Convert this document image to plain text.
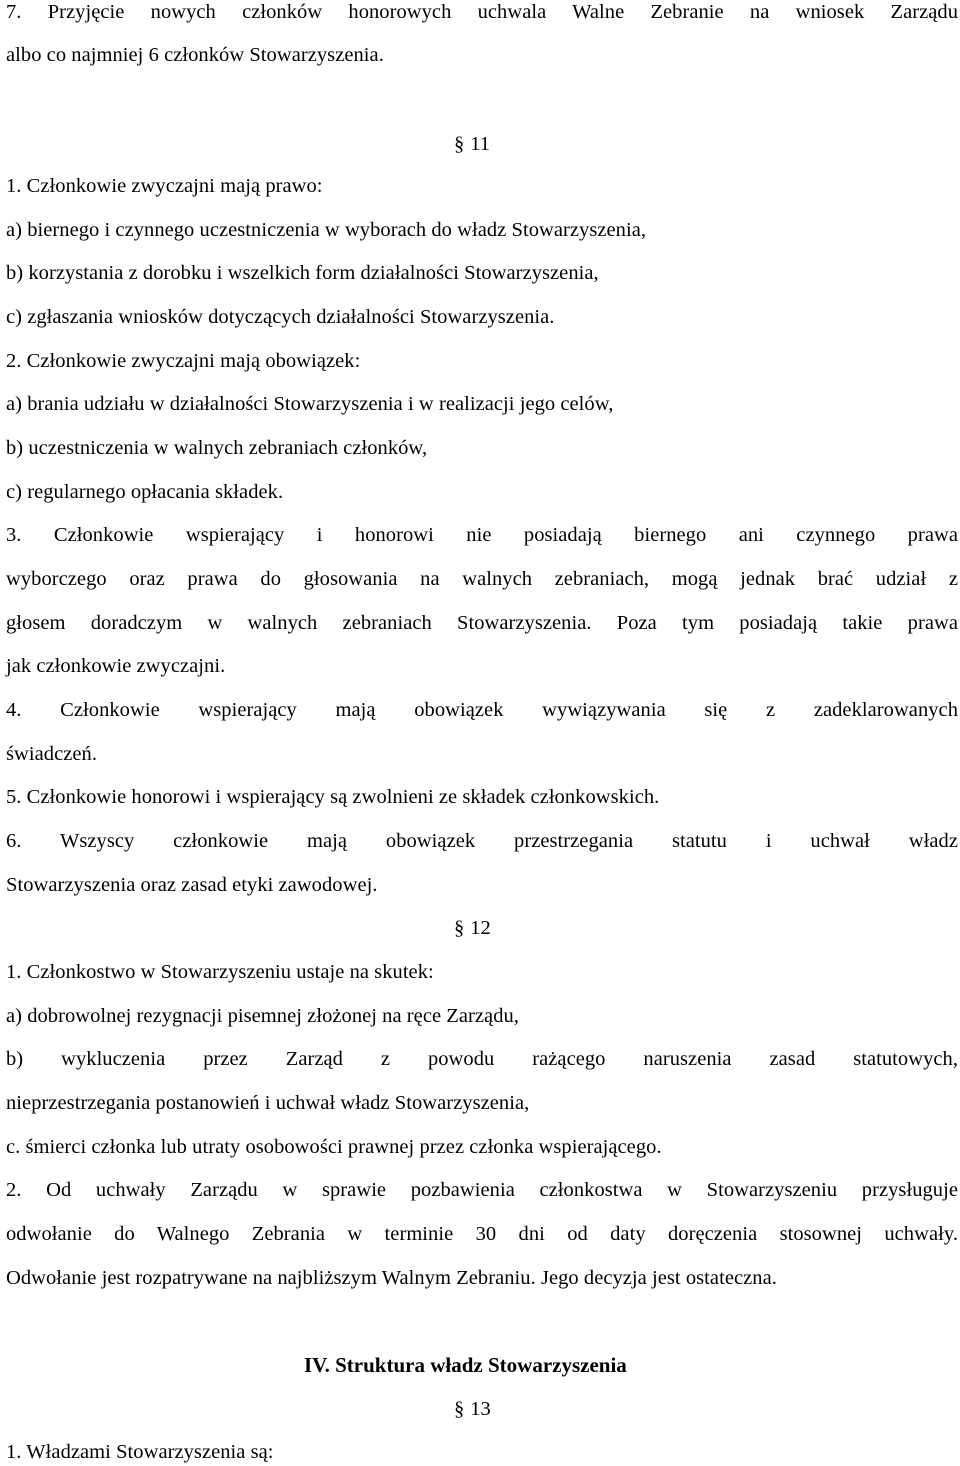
7. Przyjęcie nowych członków honorowych uchwala Walne Zebranie na wniosek Zarządu
albo co najmniej 6 członków Stowarzyszenia.
§ 11
1. Członkowie zwyczajni mają prawo:
a) biernego i czynnego uczestniczenia w wyborach do władz Stowarzyszenia,
b) korzystania z dorobku i wszelkich form działalności Stowarzyszenia,
c) zgłaszania wniosków dotyczących działalności Stowarzyszenia.
2. Członkowie zwyczajni mają obowiązek:
a) brania udziału w działalności Stowarzyszenia i w realizacji jego celów,
b) uczestniczenia w walnych zebraniach członków,
c) regularnego opłacania składek.
3. Członkowie wspierający i honorowi nie posiadają biernego ani czynnego prawa
wyborczego oraz prawa do głosowania na walnych zebraniach, mogą jednak brać udział z
głosem doradczym w walnych zebraniach Stowarzyszenia. Poza tym posiadają takie prawa
jak członkowie zwyczajni.
4. Członkowie wspierający mają obowiązek wywiązywania się z zadeklarowanych
świadczeń.
5. Członkowie honorowi i wspierający są zwolnieni ze składek członkowskich.
6. Wszyscy członkowie mają obowiązek przestrzegania statutu i uchwał władz
Stowarzyszenia oraz zasad etyki zawodowej.
§ 12
1. Członkostwo w Stowarzyszeniu ustaje na skutek:
a) dobrowolnej rezygnacji pisemnej złożonej na ręce Zarządu,
b) wykluczenia przez Zarząd z powodu rażącego naruszenia zasad statutowych,
nieprzestrzegania postanowień i uchwał władz Stowarzyszenia,
c. śmierci członka lub utraty osobowości prawnej przez członka wspierającego.
2. Od uchwały Zarządu w sprawie pozbawienia członkostwa w Stowarzyszeniu przysługuje
odwołanie do Walnego Zebrania w terminie 30 dni od daty doręczenia stosownej uchwały.
Odwołanie jest rozpatrywane na najbliższym Walnym Zebraniu. Jego decyzja jest ostateczna.
IV. Struktura władz Stowarzyszenia
§ 13
1. Władzami Stowarzyszenia są:
